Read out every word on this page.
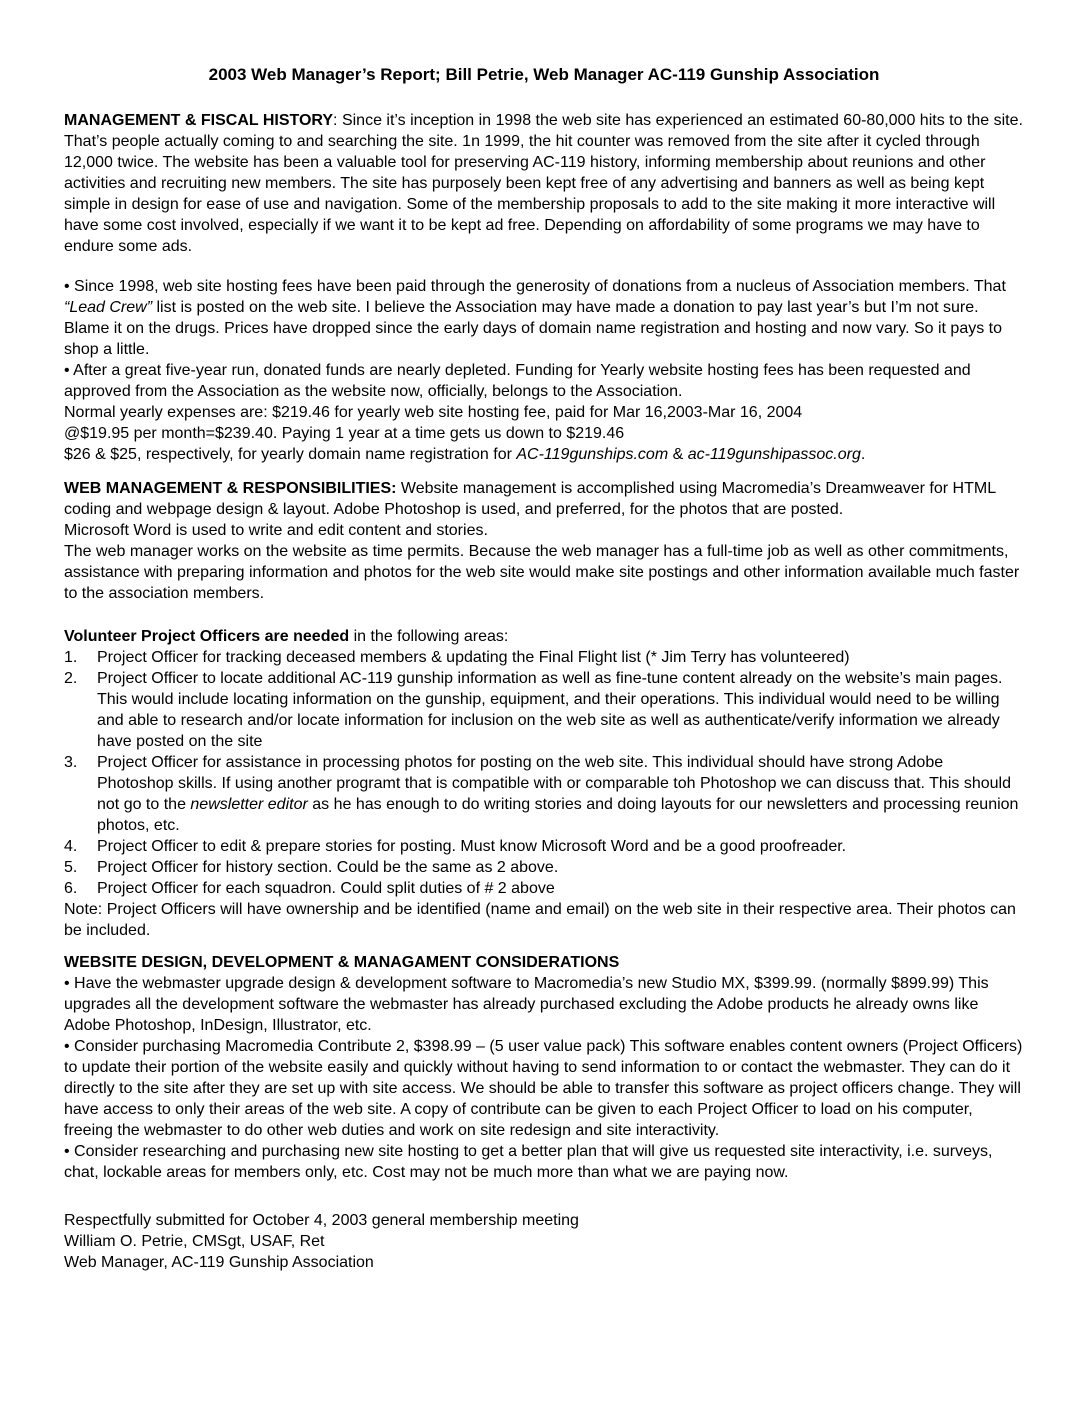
2003 Web Manager’s Report; Bill Petrie, Web Manager AC-119 Gunship Association

MANAGEMENT & FISCAL HISTORY: Since it’s inception in 1998 the web site has experienced an estimated 60-80,000 hits to the site. That’s people actually coming to and searching the site. 1n 1999, the hit counter was removed from the site after it cycled through 12,000 twice. The website has been a valuable tool for preserving AC-119 history, informing membership about reunions and other activities and recruiting new members. The site has purposely been kept free of any advertising and banners as well as being kept simple in design for ease of use and navigation. Some of the membership proposals to add to the site making it more interactive will have some cost involved, especially if we want it to be kept ad free. Depending on affordability of some programs we may have to endure some ads.

• Since 1998, web site hosting fees have been paid through the generosity of donations from a nucleus of Association members. That “Lead Crew” list is posted on the web site. I believe the Association may have made a donation to pay last year’s but I’m not sure. Blame it on the drugs. Prices have dropped since the early days of domain name registration and hosting and now vary. So it pays to shop a little.

• After a great five-year run, donated funds are nearly depleted. Funding for Yearly website hosting fees has been requested and approved from the Association as the website now, officially, belongs to the Association.

Normal yearly expenses are: $219.46 for yearly web site hosting fee, paid for Mar 16,2003-Mar 16, 2004

@$19.95 per month=$239.40. Paying 1 year at a time gets us down to $219.46

$26 & $25, respectively, for yearly domain name registration for AC-119gunships.com & ac-119gunshipassoc.org.

WEB MANAGEMENT & RESPONSIBILITIES: Website management is accomplished using Macromedia’s Dreamweaver for HTML coding and webpage design & layout. Adobe Photoshop is used, and preferred, for the photos that are posted.

Microsoft Word is used to write and edit content and stories.

The web manager works on the website as time permits. Because the web manager has a full-time job as well as other commitments, assistance with preparing information and photos for the web site would make site postings and other information available much faster to the association members.

Volunteer Project Officers are needed in the following areas:

1. Project Officer for tracking deceased members & updating the Final Flight list (* Jim Terry has volunteered)
2. Project Officer to locate additional AC-119 gunship information as well as fine-tune content already on the website’s main pages. This would include locating information on the gunship, equipment, and their operations. This individual would need to be willing and able to research and/or locate information for inclusion on the web site as well as authenticate/verify information we already have posted on the site
3. Project Officer for assistance in processing photos for posting on the web site. This individual should have strong Adobe Photoshop skills. If using another programt that is compatible with or comparable toh Photoshop we can discuss that. This should not go to the newsletter editor as he has enough to do writing stories and doing layouts for our newsletters and processing reunion photos, etc.
4. Project Officer to edit & prepare stories for posting. Must know Microsoft Word and be a good proofreader.
5. Project Officer for history section. Could be the same as 2 above.
6. Project Officer for each squadron. Could split duties of # 2 above

Note: Project Officers will have ownership and be identified (name and email) on the web site in their respective area. Their photos can be included.

WEBSITE DESIGN, DEVELOPMENT & MANAGAMENT CONSIDERATIONS

• Have the webmaster upgrade design & development software to Macromedia’s new Studio MX, $399.99. (normally $899.99) This upgrades all the development software the webmaster has already purchased excluding the Adobe products he already owns like Adobe Photoshop, InDesign, Illustrator, etc.

• Consider purchasing Macromedia Contribute 2, $398.99 – (5 user value pack) This software enables content owners (Project Officers) to update their portion of the website easily and quickly without having to send information to or contact the webmaster. They can do it directly to the site after they are set up with site access. We should be able to transfer this software as project officers change. They will have access to only their areas of the web site. A copy of contribute can be given to each Project Officer to load on his computer, freeing the webmaster to do other web duties and work on site redesign and site interactivity.

• Consider researching and purchasing new site hosting to get a better plan that will give us requested site interactivity, i.e. surveys, chat, lockable areas for members only, etc. Cost may not be much more than what we are paying now.

Respectfully submitted for October 4, 2003 general membership meeting

William O. Petrie, CMSgt, USAF, Ret

Web Manager, AC-119 Gunship Association
